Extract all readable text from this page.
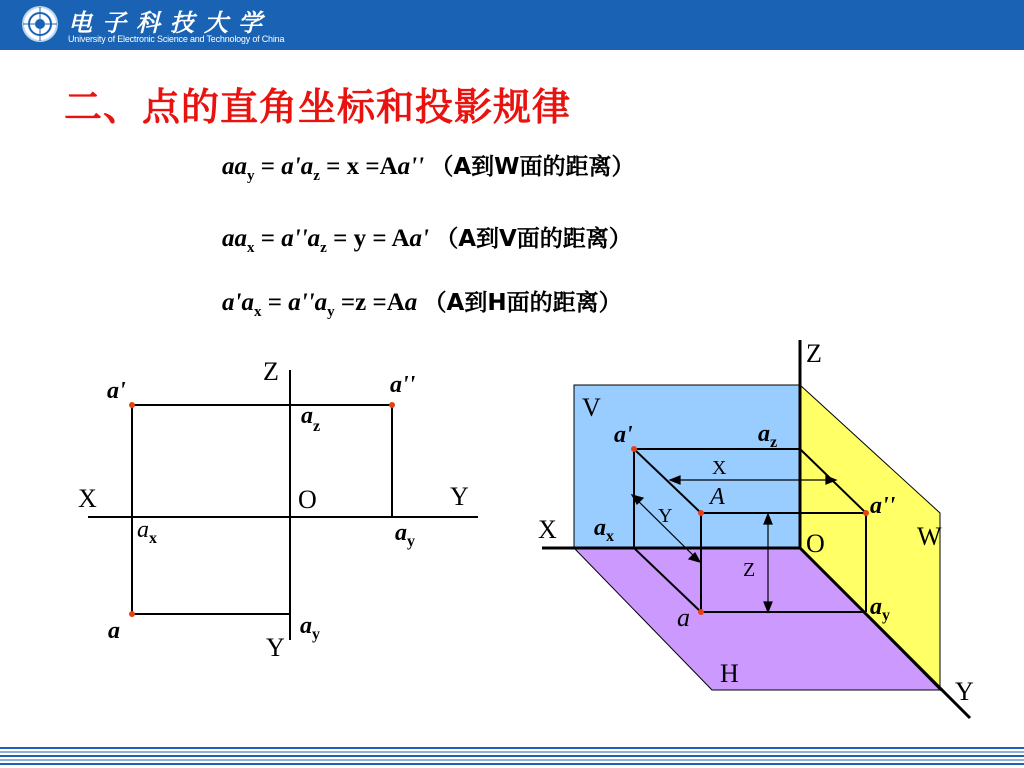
电子科技大学
University of Electronic Science and Technology of China
二、点的直角坐标和投影规律
$aa_y = a'a_z = x =Aa''$ （A到W面的距离）
$aa_x = a''a_z = y = Aa'$ （A到V面的距离）
$a'a_x = a''a_y =z =Aa$ （A到H面的距离）
Z
X	Y
Y
O
a'	a''
a
$a_z$
$a_x$	$a_y$
$a_y$
V
W
H
Z
X
Y
O
a'
A	a''
a
$a_z$
$a_x$
$a_y$
X
Y
Z
